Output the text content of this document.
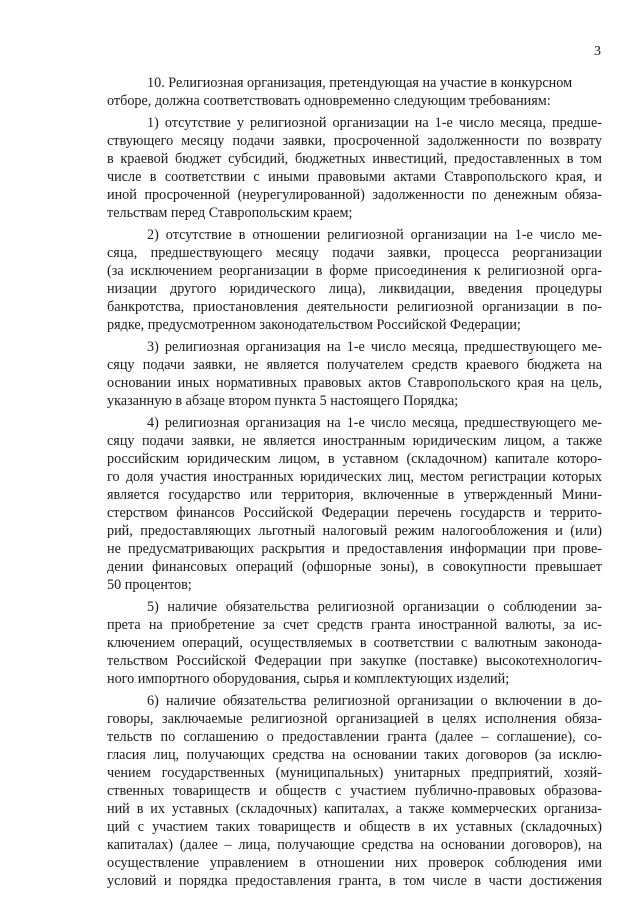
3
10. Религиозная организация, претендующая на участие в конкурсном
отборе, должна соответствовать одновременно следующим требованиям:
1) отсутствие у религиозной организации на 1-е число месяца, предше-
ствующего месяцу подачи заявки, просроченной задолженности по возврату
в краевой бюджет субсидий, бюджетных инвестиций, предоставленных в том
числе в соответствии с иными правовыми актами Ставропольского края, и
иной просроченной (неурегулированной) задолженности по денежным обяза-
тельствам перед Ставропольским краем;
2) отсутствие в отношении религиозной организации на 1-е число ме-
сяца, предшествующего месяцу подачи заявки, процесса реорганизации
(за исключением реорганизации в форме присоединения к религиозной орга-
низации другого юридического лица), ликвидации, введения процедуры
банкротства, приостановления деятельности религиозной организации в по-
рядке, предусмотренном законодательством Российской Федерации;
3) религиозная организация на 1-е число месяца, предшествующего ме-
сяцу подачи заявки, не является получателем средств краевого бюджета на
основании иных нормативных правовых актов Ставропольского края на цель,
указанную в абзаце втором пункта 5 настоящего Порядка;
4) религиозная организация на 1-е число месяца, предшествующего ме-
сяцу подачи заявки, не является иностранным юридическим лицом, а также
российским юридическим лицом, в уставном (складочном) капитале которо-
го доля участия иностранных юридических лиц, местом регистрации которых
является государство или территория, включенные в утвержденный Мини-
стерством финансов Российской Федерации перечень государств и террито-
рий, предоставляющих льготный налоговый режим налогообложения и (или)
не предусматривающих раскрытия и предоставления информации при прове-
дении финансовых операций (офшорные зоны), в совокупности превышает
50 процентов;
5) наличие обязательства религиозной организации о соблюдении за-
прета на приобретение за счет средств гранта иностранной валюты, за ис-
ключением операций, осуществляемых в соответствии с валютным законода-
тельством Российской Федерации при закупке (поставке) высокотехнологич-
ного импортного оборудования, сырья и комплектующих изделий;
6) наличие обязательства религиозной организации о включении в до-
говоры, заключаемые религиозной организацией в целях исполнения обяза-
тельств по соглашению о предоставлении гранта (далее – соглашение), со-
гласия лиц, получающих средства на основании таких договоров (за исклю-
чением государственных (муниципальных) унитарных предприятий, хозяй-
ственных товариществ и обществ с участием публично-правовых образова-
ний в их уставных (складочных) капиталах, а также коммерческих организа-
ций с участием таких товариществ и обществ в их уставных (складочных)
капиталах) (далее – лица, получающие средства на основании договоров), на
осуществление управлением в отношении них проверок соблюдения ими
условий и порядка предоставления гранта, в том числе в части достижения
